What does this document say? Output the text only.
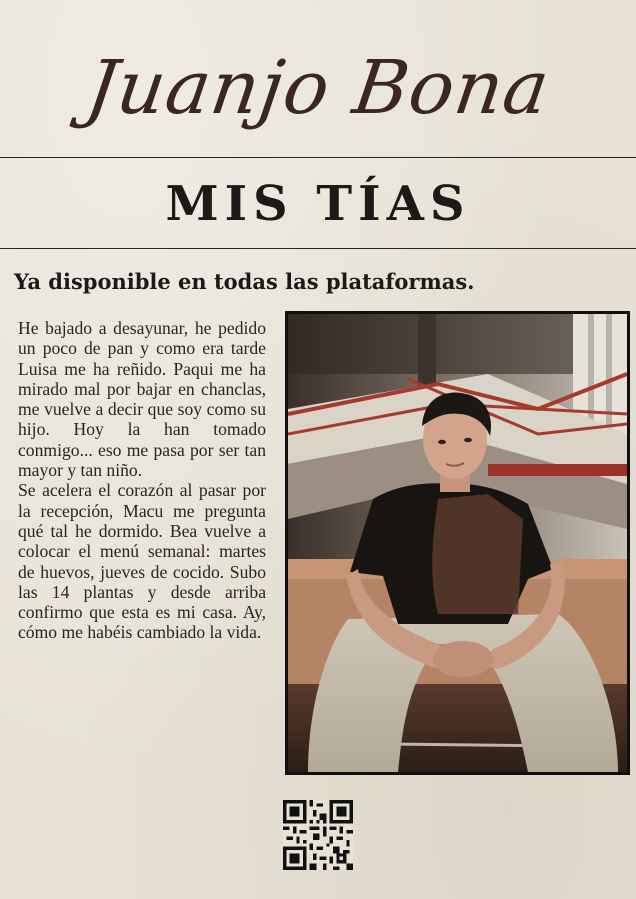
Juanjo Bona
MIS TÍAS
Ya disponible en todas las plataformas.

He bajado a desayunar, he pedido un poco de pan y como era tarde Luisa me ha reñido. Paqui me ha mirado mal por bajar en chanclas, me vuelve a decir que soy como su hijo. Hoy la han tomado conmigo... eso me pasa por ser tan mayor y tan niño.

Se acelera el corazón al pasar por la recepción, Macu me pregunta qué tal he dormido. Bea vuelve a colocar el menú semanal: martes de huevos, jueves de cocido. Subo las 14 plantas y desde arriba confirmo que esta es mi casa. Ay, cómo me habéis cambiado la vida.
